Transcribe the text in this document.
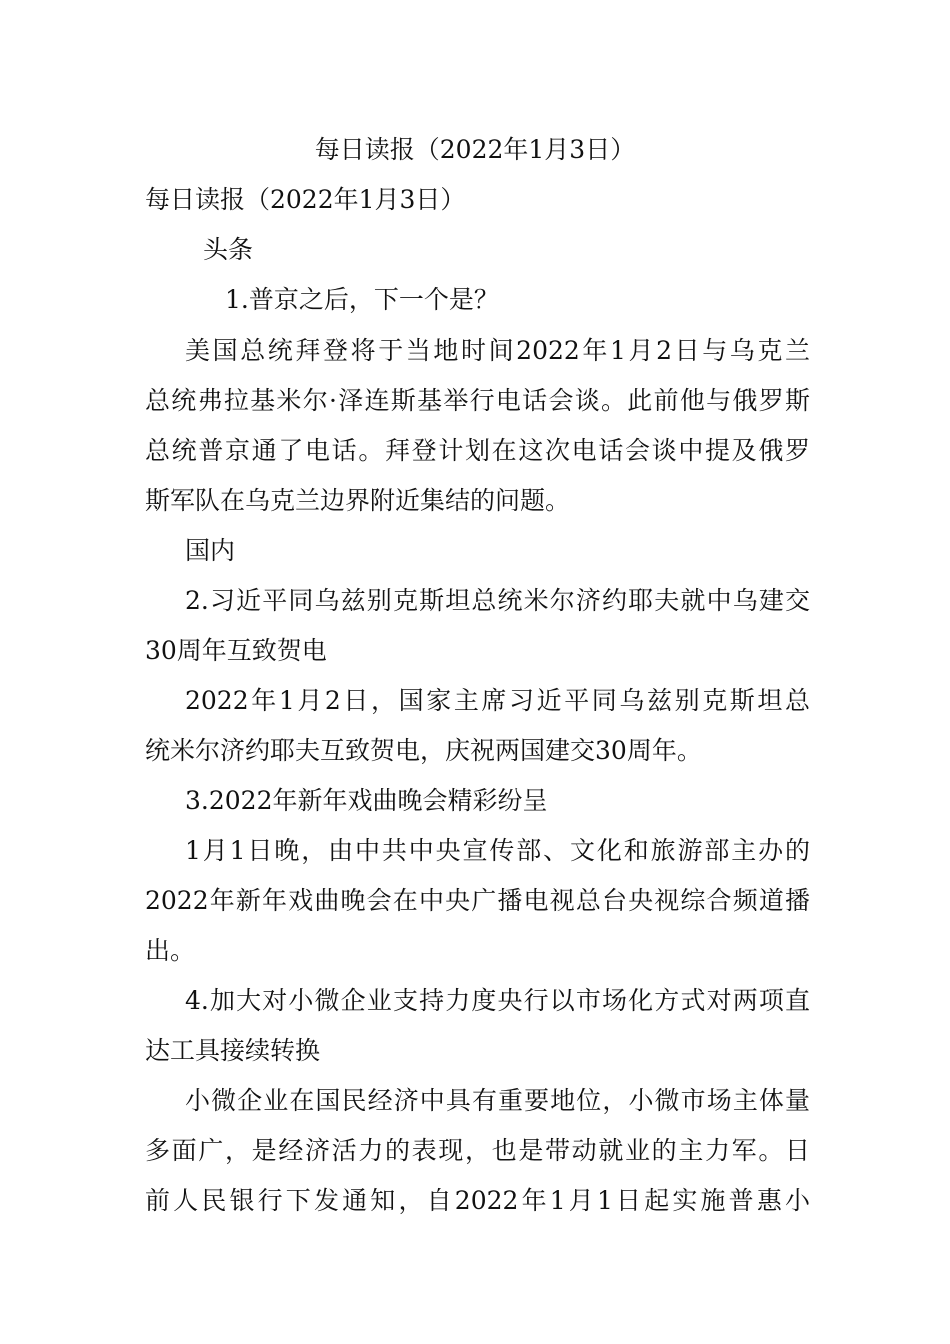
每日读报（2022年1月3日）
每日读报（2022年1月3日）
头条
1.普京之后，下一个是？
美国总统拜登将于当地时间2022年1月2日与乌克兰
总统弗拉基米尔·泽连斯基举行电话会谈。此前他与俄罗斯
总统普京通了电话。拜登计划在这次电话会谈中提及俄罗
斯军队在乌克兰边界附近集结的问题。
国内
2.习近平同乌兹别克斯坦总统米尔济约耶夫就中乌建交
30周年互致贺电
2022年1月2日，国家主席习近平同乌兹别克斯坦总
统米尔济约耶夫互致贺电，庆祝两国建交30周年。
3.2022年新年戏曲晚会精彩纷呈
1月1日晚，由中共中央宣传部、文化和旅游部主办的
2022年新年戏曲晚会在中央广播电视总台央视综合频道播
出。
4.加大对小微企业支持力度央行以市场化方式对两项直
达工具接续转换
小微企业在国民经济中具有重要地位，小微市场主体量
多面广，是经济活力的表现，也是带动就业的主力军。日
前人民银行下发通知，自2022年1月1日起实施普惠小
